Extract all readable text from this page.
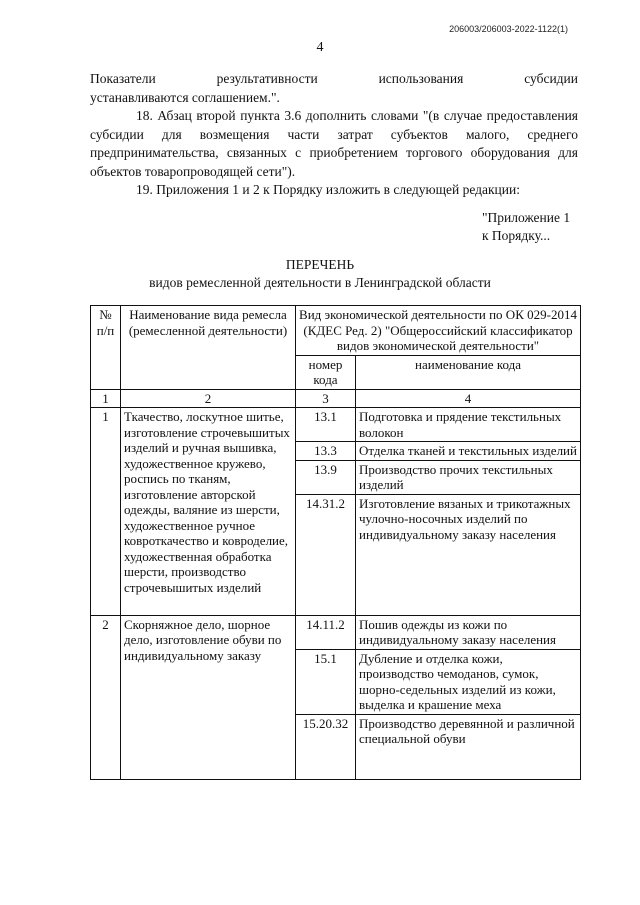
206003/206003-2022-1122(1)
4
Показатели	результативности	использования	субсидии
устанавливаются соглашением.".
18. Абзац второй пункта 3.6 дополнить словами "(в случае предоставления субсидии для возмещения части затрат субъектов малого, среднего предпринимательства, связанных с приобретением торгового оборудования для объектов товаропроводящей сети").
19. Приложения 1 и 2 к Порядку изложить в следующей редакции:
"Приложение 1
к Порядку...
ПЕРЕЧЕНЬ
видов ремесленной деятельности в Ленинградской области
№ п/п	Наименование вида ремесла (ремесленной деятельности)	Вид экономической деятельности по ОК 029-2014 (КДЕС Ред. 2) "Общероссийский классификатор видов экономической деятельности"	
		номер кода	наименование кода
1	2	3	4
1	Ткачество, лоскутное шитье, изготовление строчевышитых изделий и ручная вышивка, художественное кружево, роспись по тканям, изготовление авторской одежды, валяние из шерсти, художественное ручное ковроткачество и ковроделие, художественная обработка шерсти, производство строчевышитых изделий	13.1	Подготовка и прядение текстильных волокон
		13.3	Отделка тканей и текстильных изделий
		13.9	Производство прочих текстильных изделий
		14.31.2	Изготовление вязаных и трикотажных чулочно-носочных изделий по индивидуальному заказу населения
2	Скорняжное дело, шорное дело, изготовление обуви по индивидуальному заказу	14.11.2	Пошив одежды из кожи по индивидуальному заказу населения
		15.1	Дубление и отделка кожи, производство чемоданов, сумок, шорно-седельных изделий из кожи, выделка и крашение меха
		15.20.32	Производство деревянной и различной специальной обуви
